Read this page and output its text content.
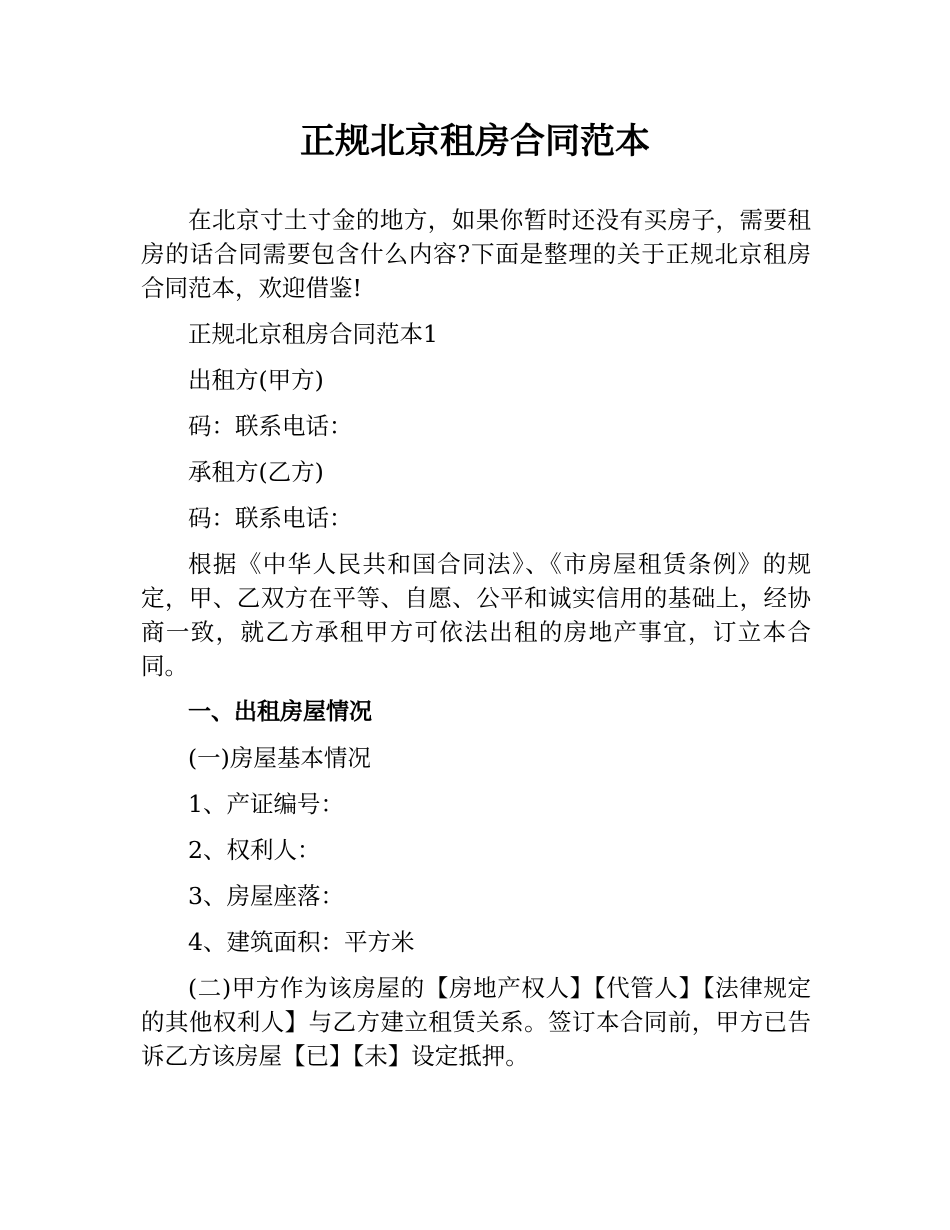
正规北京租房合同范本

在北京寸土寸金的地方，如果你暂时还没有买房子，需要租房的话合同需要包含什么内容?下面是整理的关于正规北京租房合同范本，欢迎借鉴!

正规北京租房合同范本1

出租方(甲方)

码：联系电话：

承租方(乙方)

码：联系电话：

根据《中华人民共和国合同法》、《市房屋租赁条例》的规定，甲、乙双方在平等、自愿、公平和诚实信用的基础上，经协商一致，就乙方承租甲方可依法出租的房地产事宜，订立本合同。

一、出租房屋情况

(一)房屋基本情况

1、产证编号：

2、权利人：

3、房屋座落：

4、建筑面积：平方米

(二)甲方作为该房屋的【房地产权人】【代管人】【法律规定的其他权利人】与乙方建立租赁关系。签订本合同前，甲方已告诉乙方该房屋【已】【未】设定抵押。
